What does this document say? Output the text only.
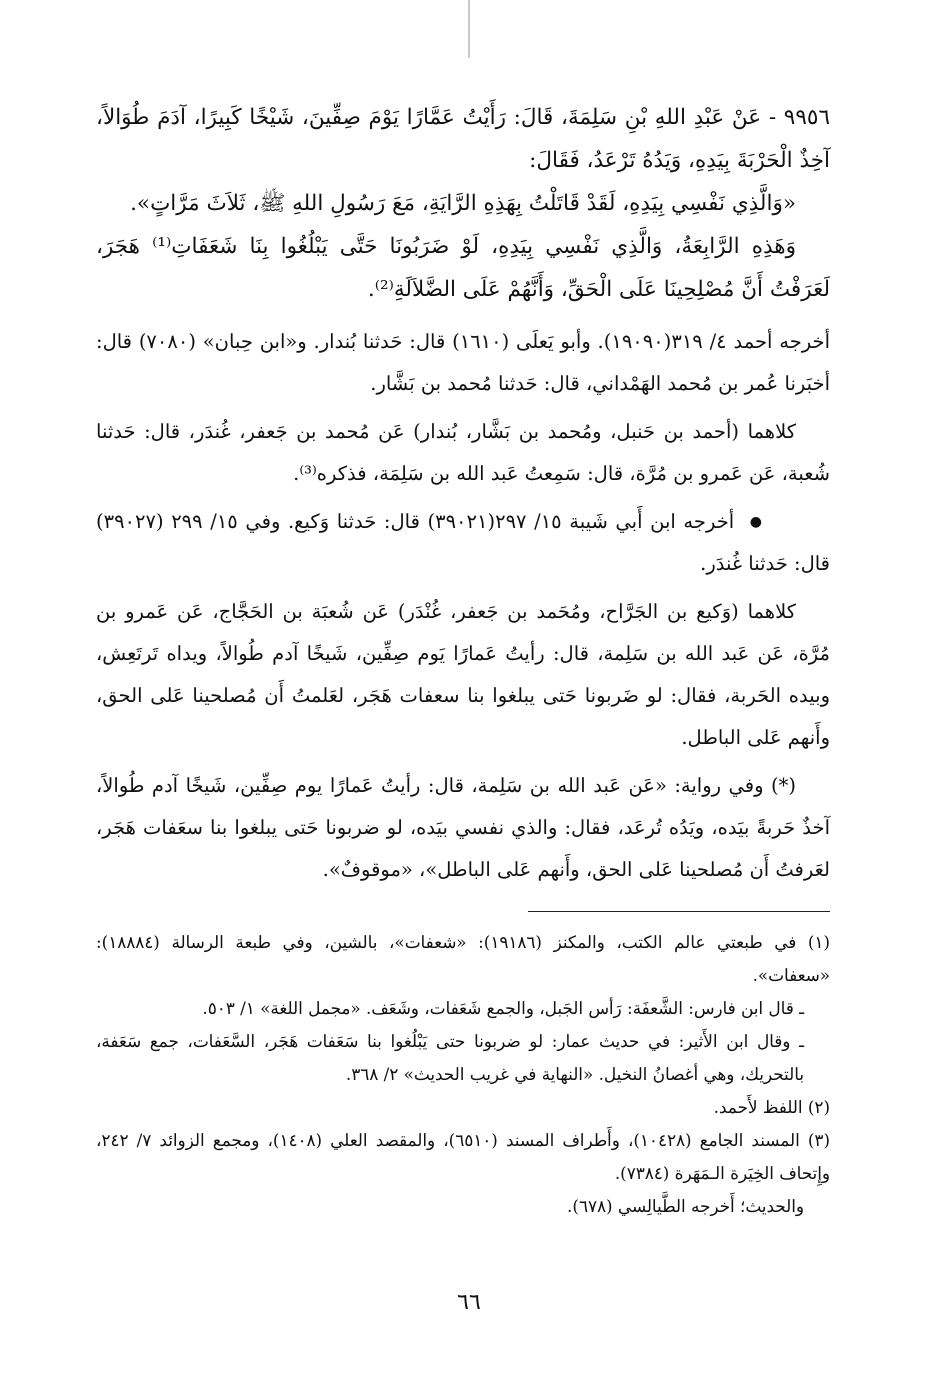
٩٩٥٦ - عَنْ عَبْدِ اللهِ بْنِ سَلِمَةَ، قَالَ: رَأَيْتُ عَمَّارًا يَوْمَ صِفِّينَ، شَيْخًا كَبِيرًا، آدَمَ طُوَالاً، آخِذٌ الْحَرْبَةَ بِيَدِهِ، وَيَدُهُ تَرْعَدُ، فَقَالَ:

«وَالَّذِي نَفْسِي بِيَدِهِ، لَقَدْ قَاتَلْتُ بِهَذِهِ الرَّايَةِ، مَعَ رَسُولِ اللهِ ﷺ، ثَلاَثَ مَرَّاتٍ».

وَهَذِهِ الرَّابِعَةُ، وَالَّذِي نَفْسِي بِيَدِهِ، لَوْ ضَرَبُونَا حَتَّى يَبْلُغُوا بِنَا شَعَفَاتِ⁽¹⁾ هَجَرَ، لَعَرَفْتُ أَنَّ مُصْلِحِينَا عَلَى الْحَقِّ، وَأَنَّهُمْ عَلَى الضَّلاَلَةِ⁽²⁾.

أخرجه أحمد ٤/ ٣١٩(١٩٠٩٠). وأبو يَعلَى (١٦١٠) قال: حَدثنا بُندار. و«ابن حِبان» (٧٠٨٠) قال: أخبَرنا عُمر بن مُحمد الهَمْداني، قال: حَدثنا مُحمد بن بَشَّار.

كلاهما (أحمد بن حَنبل، ومُحمد بن بَشَّار، بُندار) عَن مُحمد بن جَعفر، غُندَر، قال: حَدثنا شُعبة، عَن عَمرو بن مُرَّة، قال: سَمِعتُ عَبد الله بن سَلِمَة، فذكره⁽³⁾.

● أخرجه ابن أَبي شَيبة ١٥/ ٢٩٧(٣٩٠٢١) قال: حَدثنا وَكيع. وفي ١٥/ ٢٩٩ (٣٩٠٢٧) قال: حَدثنا غُندَر.

كلاهما (وَكيع بن الجَرَّاح، ومُحَمد بن جَعفر، غُنْدَر) عَن شُعبَة بن الحَجَّاج، عَن عَمرو بن مُرَّة، عَن عَبد الله بن سَلِمة، قال: رأيتُ عَمارًا يَوم صِفِّين، شَيخًا آدم طُوالاً، ويداه تَرتَعِش، وبيده الحَربة، فقال: لو ضَربونا حَتى يبلغوا بنا سعفات هَجَر، لعَلمتُ أَن مُصلحينا عَلى الحق، وأَنهم عَلى الباطل.

(*) وفي رواية: «عَن عَبد الله بن سَلِمة، قال: رأيتُ عَمارًا يوم صِفِّين، شَيخًا آدم طُوالاً، آخذٌ حَربةً بيَده، ويَدُه تُرعَد، فقال: والذي نفسي بيَده، لو ضربونا حَتى يبلغوا بنا سعَفات هَجَر، لعَرفتُ أَن مُصلحينا عَلى الحق، وأَنهم عَلى الباطل»، «موقوفٌ».

(١) في طبعتي عالم الكتب، والمكنز (١٩١٨٦): «شعفات»، بالشين، وفي طبعة الرسالة (١٨٨٨٤): «سعفات».

ـ قال ابن فارس: الشَّعفَة: رَأس الجَبل، والجمع شَعَفات، وشَعَف. «مجمل اللغة» ١/ ٥٠٣.

ـ وقال ابن الأَثير: في حديث عمار: لو ضربونا حتى يَبْلُغوا بنا سَعَفات هَجَر، السَّعَفات، جمع سَعَفة، بالتحريك، وهي أغصانُ النخيل. «النهاية في غريب الحديث» ٢/ ٣٦٨.

(٢) اللفظ لأَحمد.

(٣) المسند الجامع (١٠٤٢٨)، وأَطراف المسند (٦٥١٠)، والمقصد العلي (١٤٠٨)، ومجمع الزوائد ٧/ ٢٤٢، وإِتحاف الخِيَرة الـمَهَرة (٧٣٨٤).

والحديث؛ أَخرجه الطَّيالِسي (٦٧٨).

٦٦
